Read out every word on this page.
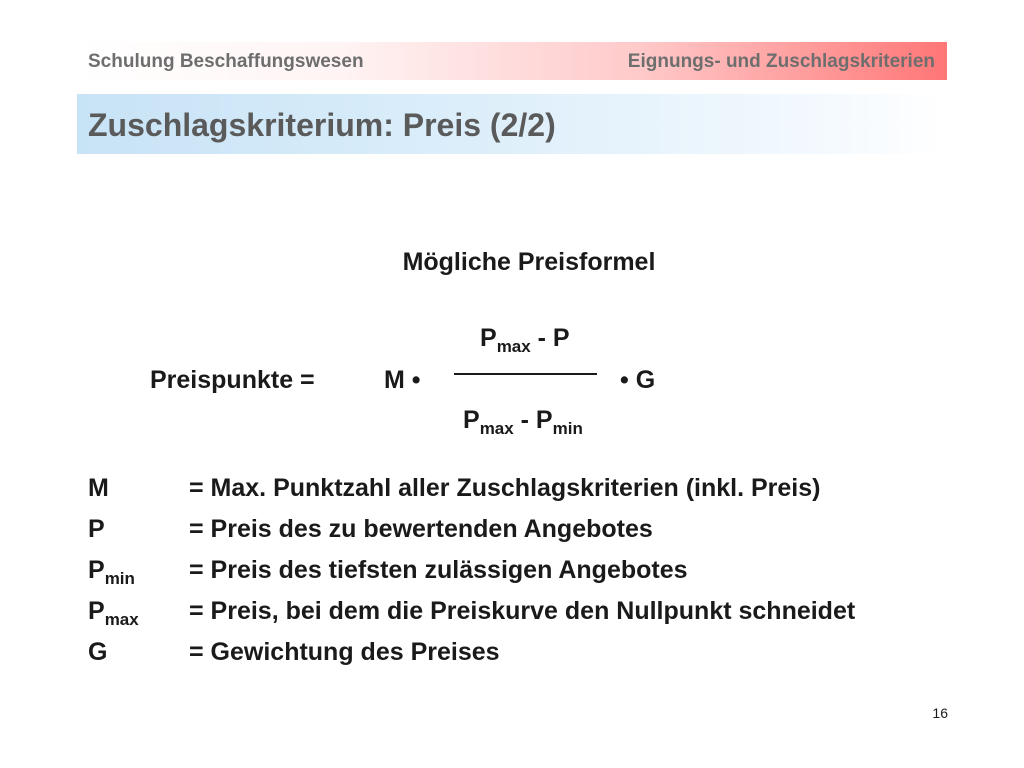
Schulung Beschaffungswesen	Eignungs- und Zuschlagskriterien
Zuschlagskriterium: Preis (2/2)
Mögliche Preisformel
Preispunkte =	M •
$P_{max}$ - P
• G
$P_{max} - P_{min}$
M	= Max. Punktzahl aller Zuschlagskriterien (inkl. Preis)
P	= Preis des zu bewertenden Angebotes
$P_{min}$ = Preis des tiefsten zulässigen Angebotes
$P_{max}$ = Preis, bei dem die Preiskurve den Nullpunkt schneidet
G	= Gewichtung des Preises
16
